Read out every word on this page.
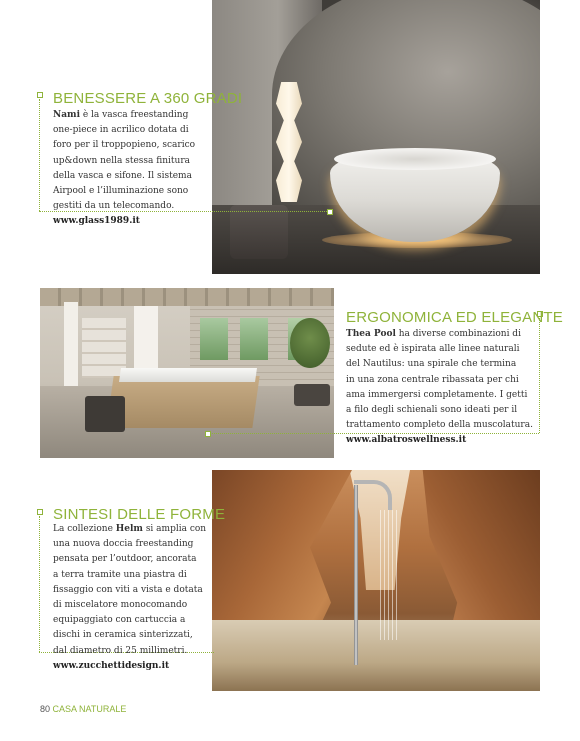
BENESSERE A 360 GRADI
Nami è la vasca freestanding
one-piece in acrilico dotata di
foro per il troppopieno, scarico
up&down nella stessa finitura
della vasca e sifone. Il sistema
Airpool e l’illuminazione sono
gestiti da un telecomando.
www.glass1989.it
ERGONOMICA ED ELEGANTE
Thea Pool ha diverse combinazioni di
sedute ed è ispirata alle linee naturali
del Nautilus: una spirale che termina
in una zona centrale ribassata per chi
ama immergersi completamente. I getti
a filo degli schienali sono ideati per il
trattamento completo della muscolatura.
www.albatroswellness.it
SINTESI DELLE FORME
La collezione Helm si amplia con
una nuova doccia freestanding
pensata per l’outdoor, ancorata
a terra tramite una piastra di
fissaggio con viti a vista e dotata
di miscelatore monocomando
equipaggiato con cartuccia a
dischi in ceramica sinterizzati,
dal diametro di 25 millimetri.
www.zucchettidesign.it
80 CASA NATURALE
